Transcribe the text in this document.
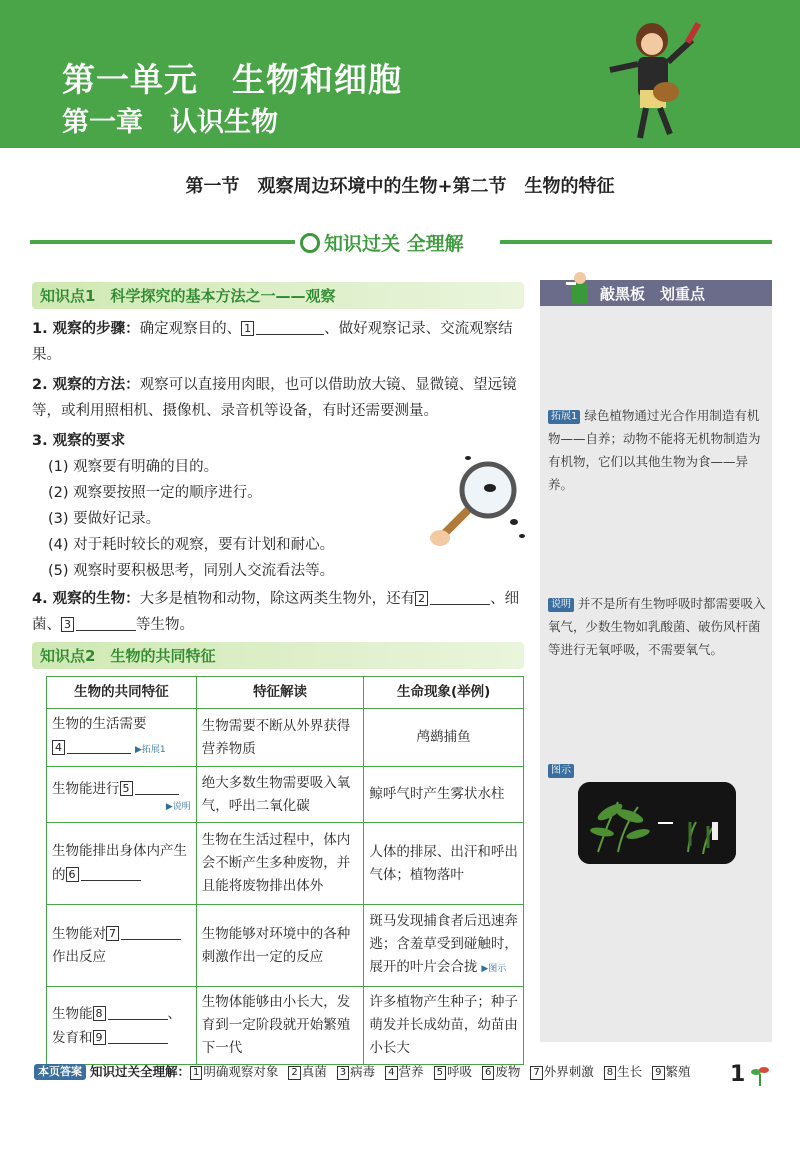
第一单元　生物和细胞
第一章　认识生物
第一节　观察周边环境中的生物+第二节　生物的特征
知识过关 全理解
知识点1　科学探究的基本方法之一——观察
1. 观察的步骤：确定观察目的、 1	、做好观察记录、交流观察结果。
2. 观察的方法：观察可以直接用肉眼，也可以借助放大镜、显微镜、望远镜等，或利用照相机、摄像机、录音机等设备，有时还需要测量。
3. 观察的要求
(1) 观察要有明确的目的。
(2) 观察要按照一定的顺序进行。
(3) 要做好记录。
(4) 对于耗时较长的观察，要有计划和耐心。
(5) 观察时要积极思考，同别人交流看法等。
4. 观察的生物：大多是植物和动物，除这两类生物外，还有 2	、细菌、 3	等生物。
知识点2　生物的共同特征
生物的共同特征	特征解读	生命现象(举例)
生物的生活需要
4 ▶拓展1	生物需要不断从外界获得营养物质	鸬鹚捕鱼
生物能进行 5
▶说明	绝大多数生物需要吸入氧气，呼出二氧化碳	鲸呼气时产生雾状水柱
生物能排出身体内产生的 6	生物在生活过程中，体内会不断产生多种废物，并且能将废物排出体外	人体的排尿、出汗和呼出气体；植物落叶
生物能对 7
作出反应	生物能够对环境中的各种刺激作出一定的反应	斑马发现捕食者后迅速奔逃；含羞草受到碰触时，展开的叶片会合拢 ▶图示
生物能 8 、发育和 9	生物体能够由小长大，发育到一定阶段就开始繁殖下一代	许多植物产生种子；种子萌发并长成幼苗，幼苗由小长大
敲黑板　划重点
拓展1 绿色植物通过光合作用制造有机物——自养；动物不能将无机物制造为有机物，它们以其他生物为食——异养。
说明 并不是所有生物呼吸时都需要吸入氧气，少数生物如乳酸菌、破伤风杆菌等进行无氧呼吸，不需要氧气。
图示
本页答案 知识过关全理解： 1 明确观察对象 2 真菌 3 病毒 4 营养 5 呼吸 6 废物 7 外界刺激 8 生长 9 繁殖	1
